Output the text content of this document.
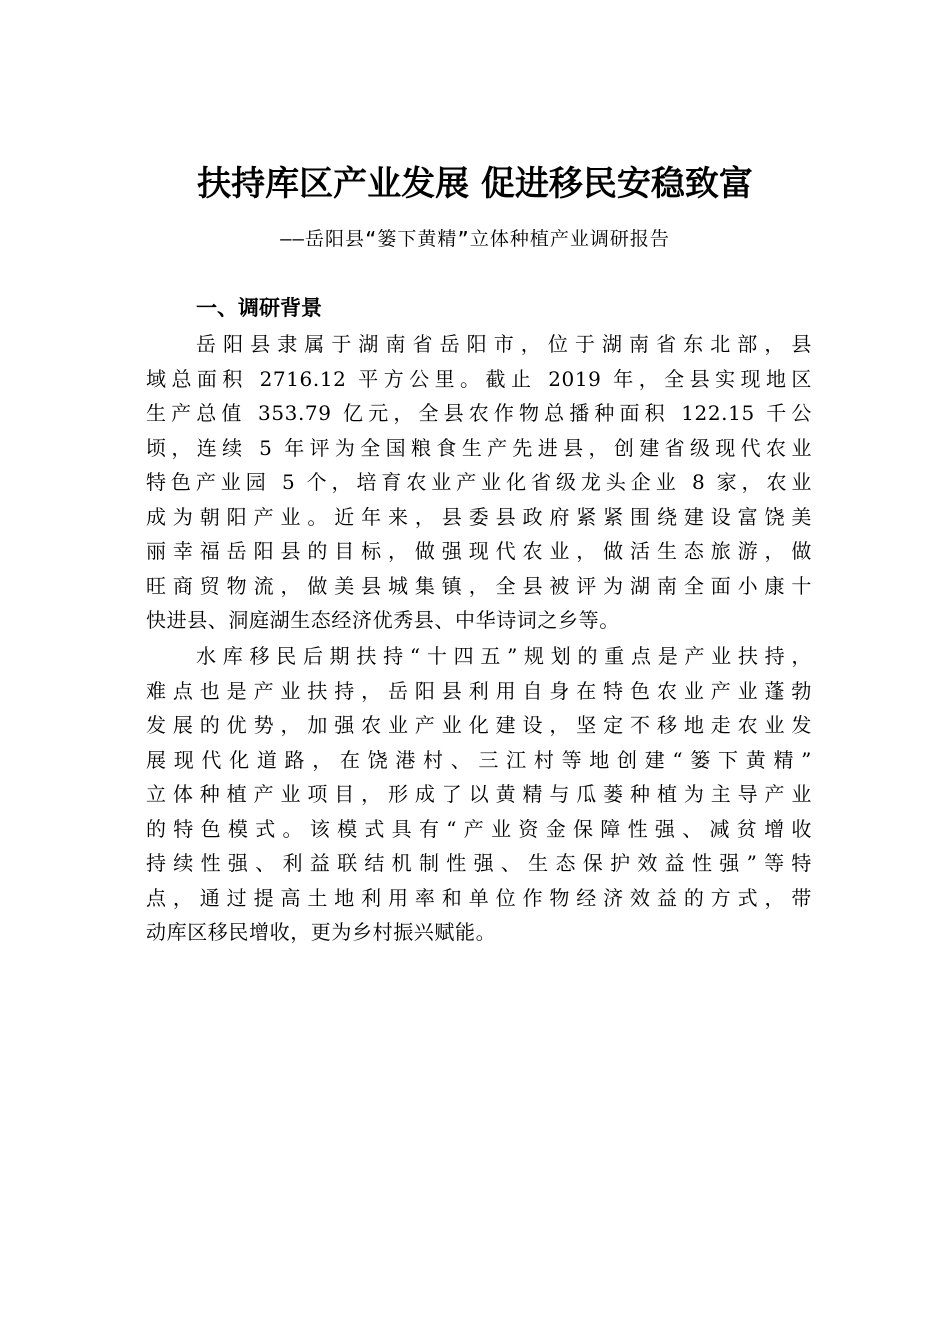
扶持库区产业发展 促进移民安稳致富
——岳阳县“篓下黄精”立体种植产业调研报告
一、调研背景
岳阳县隶属于湖南省岳阳市，位于湖南省东北部，县
域总面积 2716.12 平方公里。截止 2019 年，全县实现地区
生产总值 353.79 亿元，全县农作物总播种面积 122.15 千公
顷，连续 5 年评为全国粮食生产先进县，创建省级现代农业
特色产业园 5 个，培育农业产业化省级龙头企业 8 家，农业
成为朝阳产业。近年来，县委县政府紧紧围绕建设富饶美
丽幸福岳阳县的目标，做强现代农业，做活生态旅游，做
旺商贸物流，做美县城集镇，全县被评为湖南全面小康十
快进县、洞庭湖生态经济优秀县、中华诗词之乡等。
水库移民后期扶持“十四五”规划的重点是产业扶持，
难点也是产业扶持，岳阳县利用自身在特色农业产业蓬勃
发展的优势，加强农业产业化建设，坚定不移地走农业发
展现代化道路，在饶港村、三江村等地创建“篓下黄精”
立体种植产业项目，形成了以黄精与瓜蒌种植为主导产业
的特色模式。该模式具有“产业资金保障性强、减贫增收
持续性强、利益联结机制性强、生态保护效益性强”等特
点，通过提高土地利用率和单位作物经济效益的方式，带
动库区移民增收，更为乡村振兴赋能。
